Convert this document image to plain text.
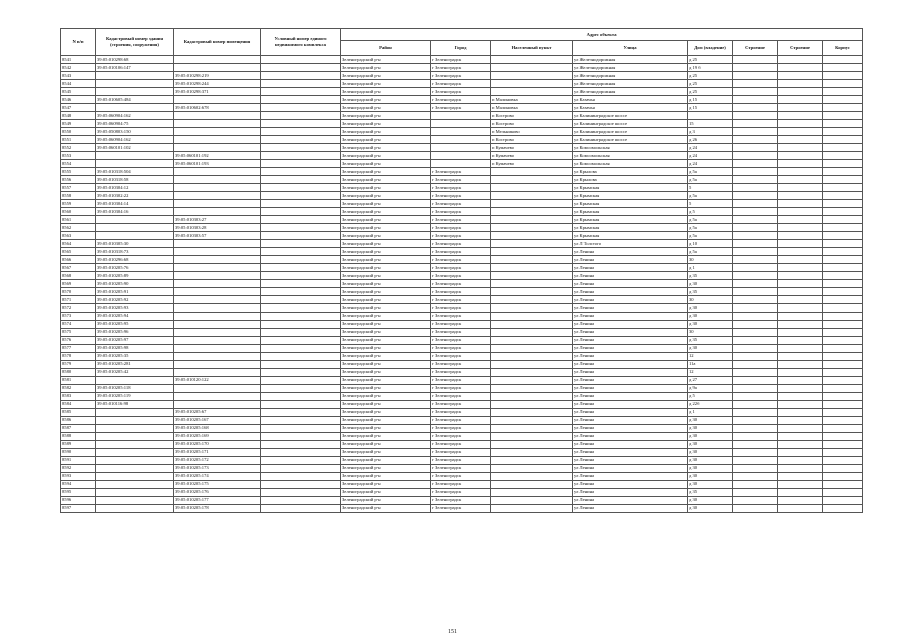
N п/п	Кадастровый номер здания (строения, сооружения)	Кадастровый номер помещения	Условный номер единого недвижимого комплекса	Адрес объекта							
				Район	Город	Населенный пункт	Улица	Дом (владение)	Строение	Строение	Корпус
8541	39:05:010298:68			Зеленоградский р-н	г Зеленоградск		ул Железнодорожная	д 25			
8542	39:05:010106:147			Зеленоградский р-н	г Зеленоградск		ул Железнодорожная	д 19 б			
8543		39:05:010298:219		Зеленоградский р-н	г Зеленоградск		ул Железнодорожная	д 25			
8544		39:05:010298:244		Зеленоградский р-н	г Зеленоградск		ул Железнодорожная	д 25			
8545		39:05:010298:371		Зеленоградский р-н	г Зеленоградск		ул Железнодорожная	д 25			
8546	39:05:010605:484			Зеленоградский р-н	г Зеленоградск	п Малиновка	ул Казачья	д 15			
8547		39:05:010602:678		Зеленоградский р-н	г Зеленоградск	п Малиновка	ул Казачья	д 15			
8548	39:05:060904:162			Зеленоградский р-н		п Кострово	ул Калининградское шоссе				
8549	39:05:060904:75			Зеленоградский р-н		п Кострово	ул Калининградское шоссе	15			
8550	39:05:050803:150			Зеленоградский р-н		п Мельниково	ул Калининградское шоссе	д 3			
8551	39:05:060904:162			Зеленоградский р-н		п Кострово	ул Калининградское шоссе	д 26			
8552	39:05:060101:102			Зеленоградский р-н		п Кумачево	ул Комсомольская	д 24			
8553		39:05:060101:192		Зеленоградский р-н		п Кумачево	ул Комсомольская	д 24			
8554		39:05:060101:193		Зеленоградский р-н		п Кумачево	ул Комсомольская	д 24			
8555	39:05:010318:504			Зеленоградский р-н	г Зеленоградск		ул Крылова	д 5а			
8556	39:05:010318:58			Зеленоградский р-н	г Зеленоградск		ул Крылова	д 5а			
8557	39:05:010304:12			Зеленоградский р-н	г Зеленоградск		ул Крымская	5			
8558	39:05:010302:22			Зеленоградский р-н	г Зеленоградск		ул Крымская	д 5а			
8559	39:05:010304:14			Зеленоградский р-н	г Зеленоградск		ул Крымская	5			
8560	39:05:010304:16			Зеленоградский р-н	г Зеленоградск		ул Крымская	д 5			
8561		39:05:010303:27		Зеленоградский р-н	г Зеленоградск		ул Крымская	д 5а			
8562		39:05:010303:28		Зеленоградский р-н	г Зеленоградск		ул Крымская	д 5а			
8563		39:05:010303:57		Зеленоградский р-н	г Зеленоградск		ул Крымская	д 5а			
8564	39:05:010305:30			Зеленоградский р-н	г Зеленоградск		ул Л Толстого	д 10			
8565	39:05:010318:73			Зеленоградский р-н	г Зеленоградск		ул Ленина	д 5а			
8566	39:05:010296:68			Зеленоградский р-н	г Зеленоградск		ул Ленина	30			
8567	39:05:010205:76			Зеленоградский р-н	г Зеленоградск		ул Ленина	д 1			
8568	39:05:010205:89			Зеленоградский р-н	г Зеленоградск		ул Ленина	д 35			
8569	39:05:010205:90			Зеленоградский р-н	г Зеленоградск		ул Ленина	д 30			
8570	39:05:010205:91			Зеленоградский р-н	г Зеленоградск		ул Ленина	д 35			
8571	39:05:010205:92			Зеленоградский р-н	г Зеленоградск		ул Ленина	30			
8572	39:05:010205:93			Зеленоградский р-н	г Зеленоградск		ул Ленина	д 30			
8573	39:05:010205:94			Зеленоградский р-н	г Зеленоградск		ул Ленина	д 30			
8574	39:05:010205:95			Зеленоградский р-н	г Зеленоградск		ул Ленина	д 30			
8575	39:05:010205:96			Зеленоградский р-н	г Зеленоградск		ул Ленина	30			
8576	39:05:010205:97			Зеленоградский р-н	г Зеленоградск		ул Ленина	д 35			
8577	39:05:010205:98			Зеленоградский р-н	г Зеленоградск		ул Ленина	д 30			
8578	39:05:010205:35			Зеленоградский р-н	г Зеленоградск		ул Ленина	12			
8579	39:05:010205:281			Зеленоградский р-н	г Зеленоградск		ул Ленина	11а			
8580	39:05:010205:42			Зеленоградский р-н	г Зеленоградск		ул Ленина	12			
8581		39:05:010120:122		Зеленоградский р-н	г Зеленоградск		ул Ленина	д 27			
8582	39:05:010205:118			Зеленоградский р-н	г Зеленоградск		ул Ленина	д 9а			
8583	39:05:010205:119			Зеленоградский р-н	г Зеленоградск		ул Ленина	д 5			
8584	39:05:010116:98			Зеленоградский р-н	г Зеленоградск		ул Ленина	д 22б			
8585		39:05:010205:67		Зеленоградский р-н	г Зеленоградск		ул Ленина	д 1			
8586		39:05:010205:167		Зеленоградский р-н	г Зеленоградск		ул Ленина	д 30			
8587		39:05:010205:168		Зеленоградский р-н	г Зеленоградск		ул Ленина	д 30			
8588		39:05:010205:169		Зеленоградский р-н	г Зеленоградск		ул Ленина	д 30			
8589		39:05:010205:170		Зеленоградский р-н	г Зеленоградск		ул Ленина	д 30			
8590		39:05:010205:171		Зеленоградский р-н	г Зеленоградск		ул Ленина	д 30			
8591		39:05:010205:172		Зеленоградский р-н	г Зеленоградск		ул Ленина	д 30			
8592		39:05:010205:173		Зеленоградский р-н	г Зеленоградск		ул Ленина	д 30			
8593		39:05:010205:174		Зеленоградский р-н	г Зеленоградск		ул Ленина	д 30			
8594		39:05:010205:175		Зеленоградский р-н	г Зеленоградск		ул Ленина	д 30			
8595		39:05:010205:176		Зеленоградский р-н	г Зеленоградск		ул Ленина	д 35			
8596		39:05:010205:177		Зеленоградский р-н	г Зеленоградск		ул Ленина	д 30			
8597		39:05:010205:178		Зеленоградский р-н	г Зеленоградск		ул Ленина	д 30			
151
